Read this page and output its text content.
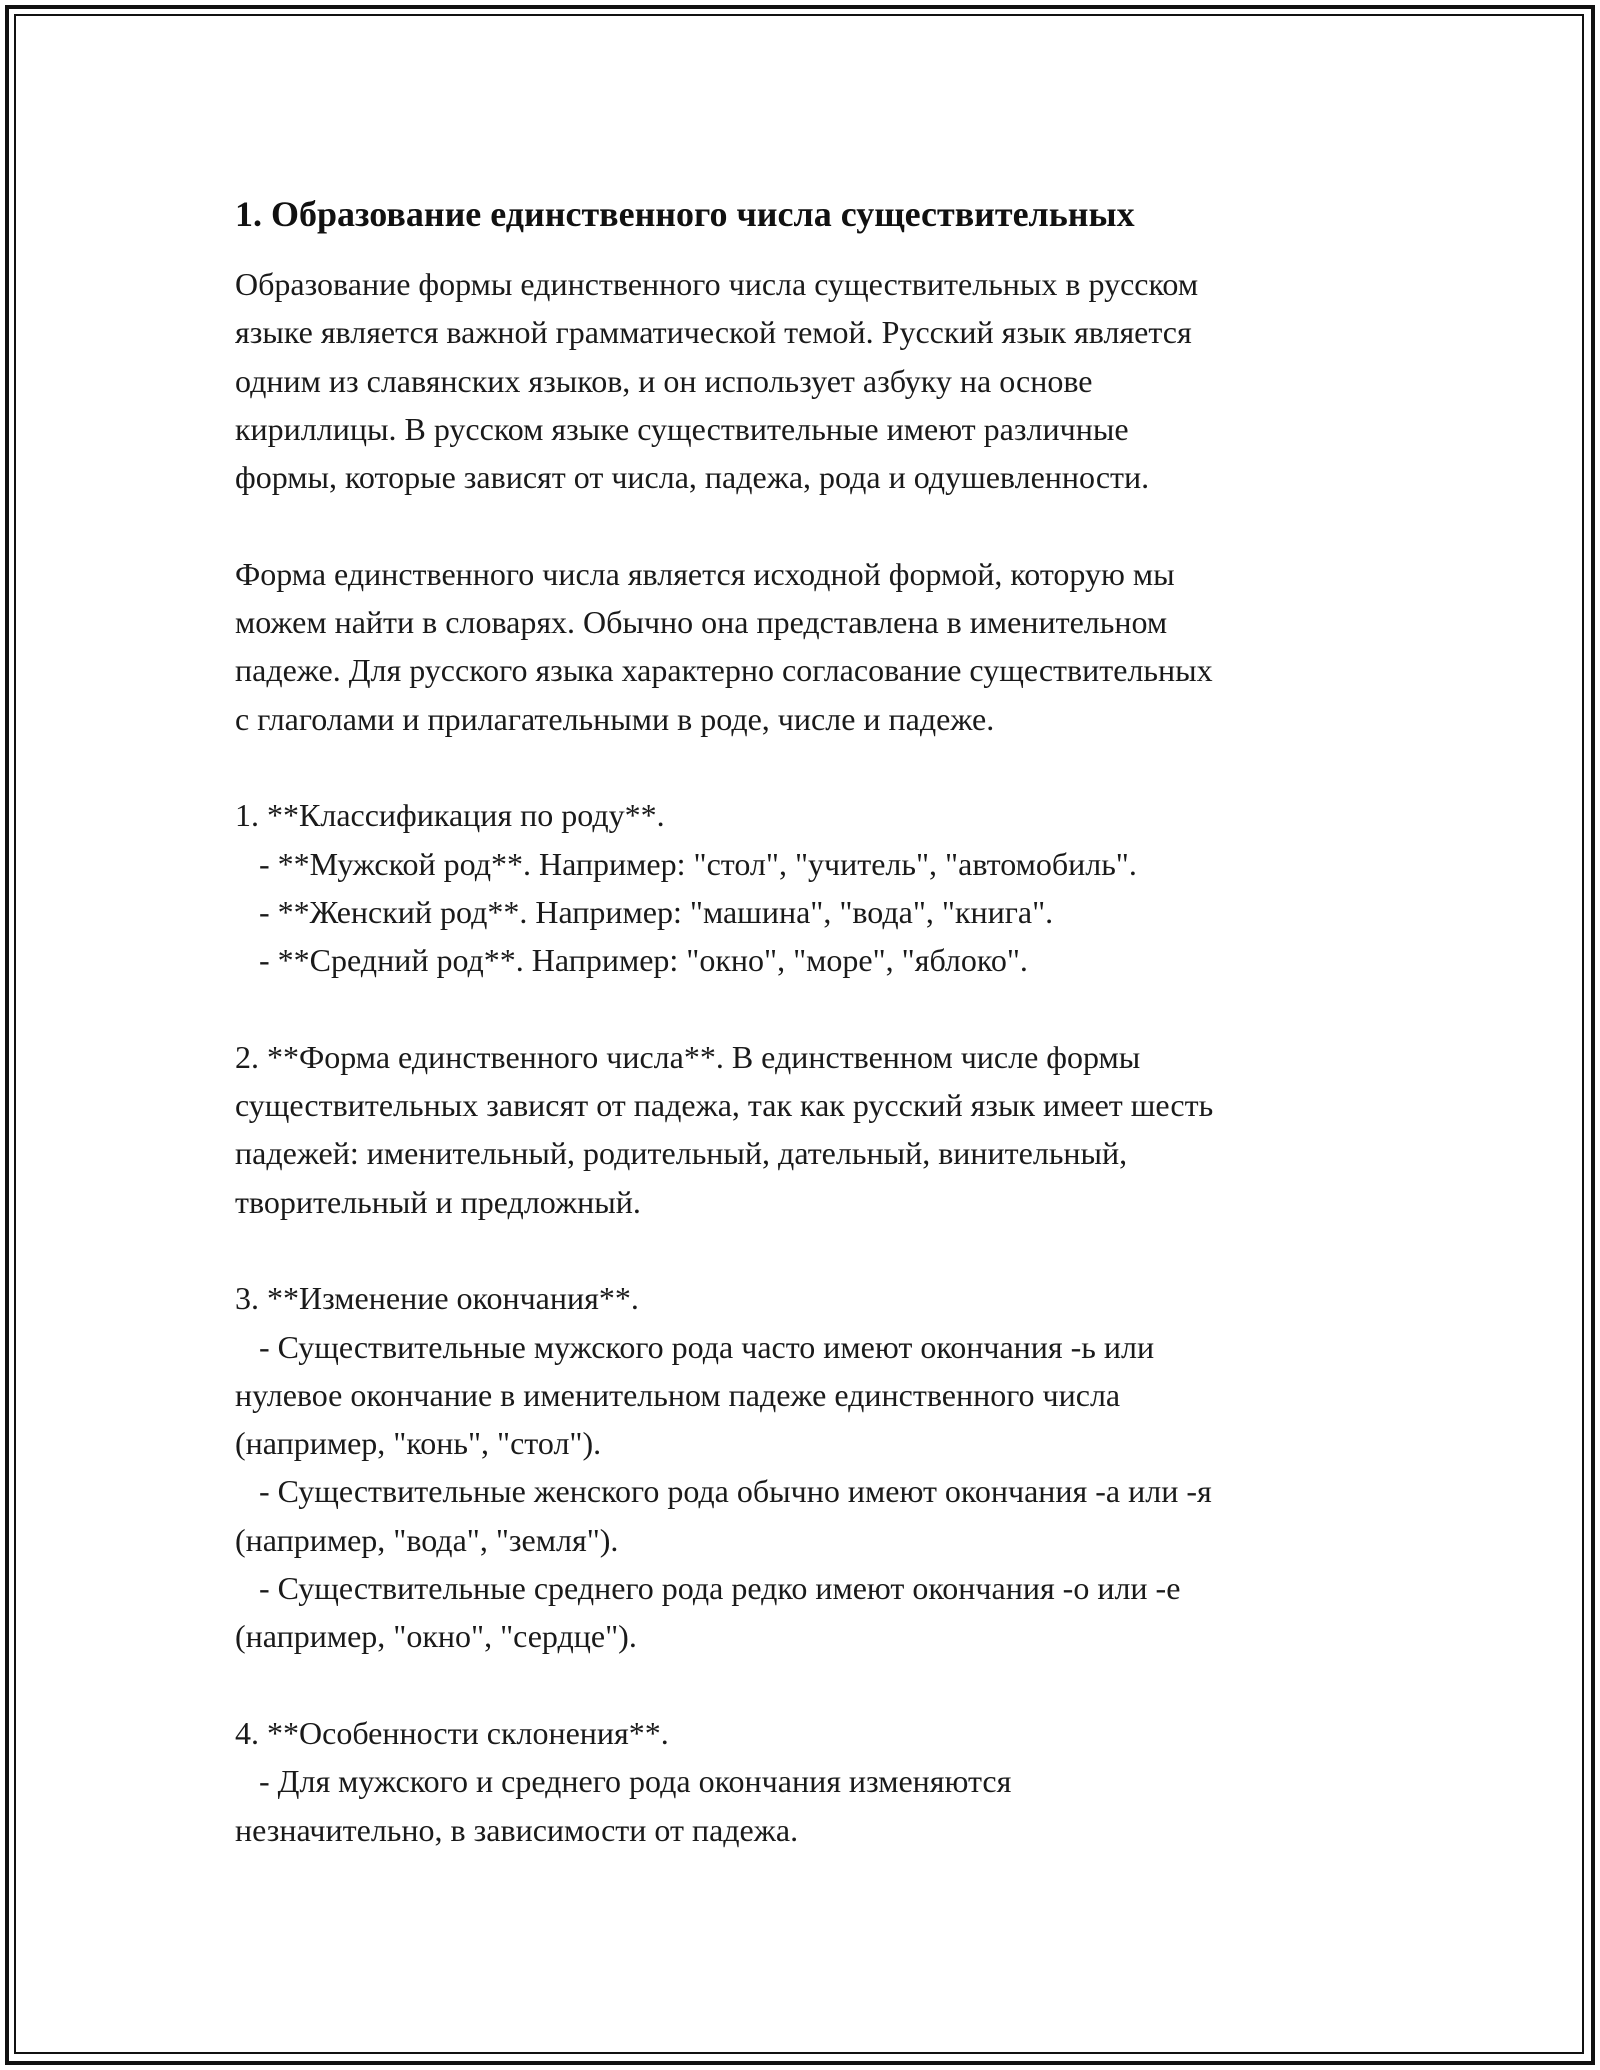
1. Образование единственного числа существительных
Образование формы единственного числа существительных в русском
языке является важной грамматической темой. Русский язык является
одним из славянских языков, и он использует азбуку на основе
кириллицы. В русском языке существительные имеют различные
формы, которые зависят от числа, падежа, рода и одушевленности.
Форма единственного числа является исходной формой, которую мы
можем найти в словарях. Обычно она представлена в именительном
падеже. Для русского языка характерно согласование существительных
с глаголами и прилагательными в роде, числе и падеже.
1. **Классификация по роду**.
- **Мужской род**. Например: "стол", "учитель", "автомобиль".
- **Женский род**. Например: "машина", "вода", "книга".
- **Средний род**. Например: "окно", "море", "яблоко".
2. **Форма единственного числа**. В единственном числе формы
существительных зависят от падежа, так как русский язык имеет шесть
падежей: именительный, родительный, дательный, винительный,
творительный и предложный.
3. **Изменение окончания**.
- Существительные мужского рода часто имеют окончания -ь или
нулевое окончание в именительном падеже единственного числа
(например, "конь", "стол").
- Существительные женского рода обычно имеют окончания -а или -я
(например, "вода", "земля").
- Существительные среднего рода редко имеют окончания -о или -е
(например, "окно", "сердце").
4. **Особенности склонения**.
- Для мужского и среднего рода окончания изменяются
незначительно, в зависимости от падежа.
